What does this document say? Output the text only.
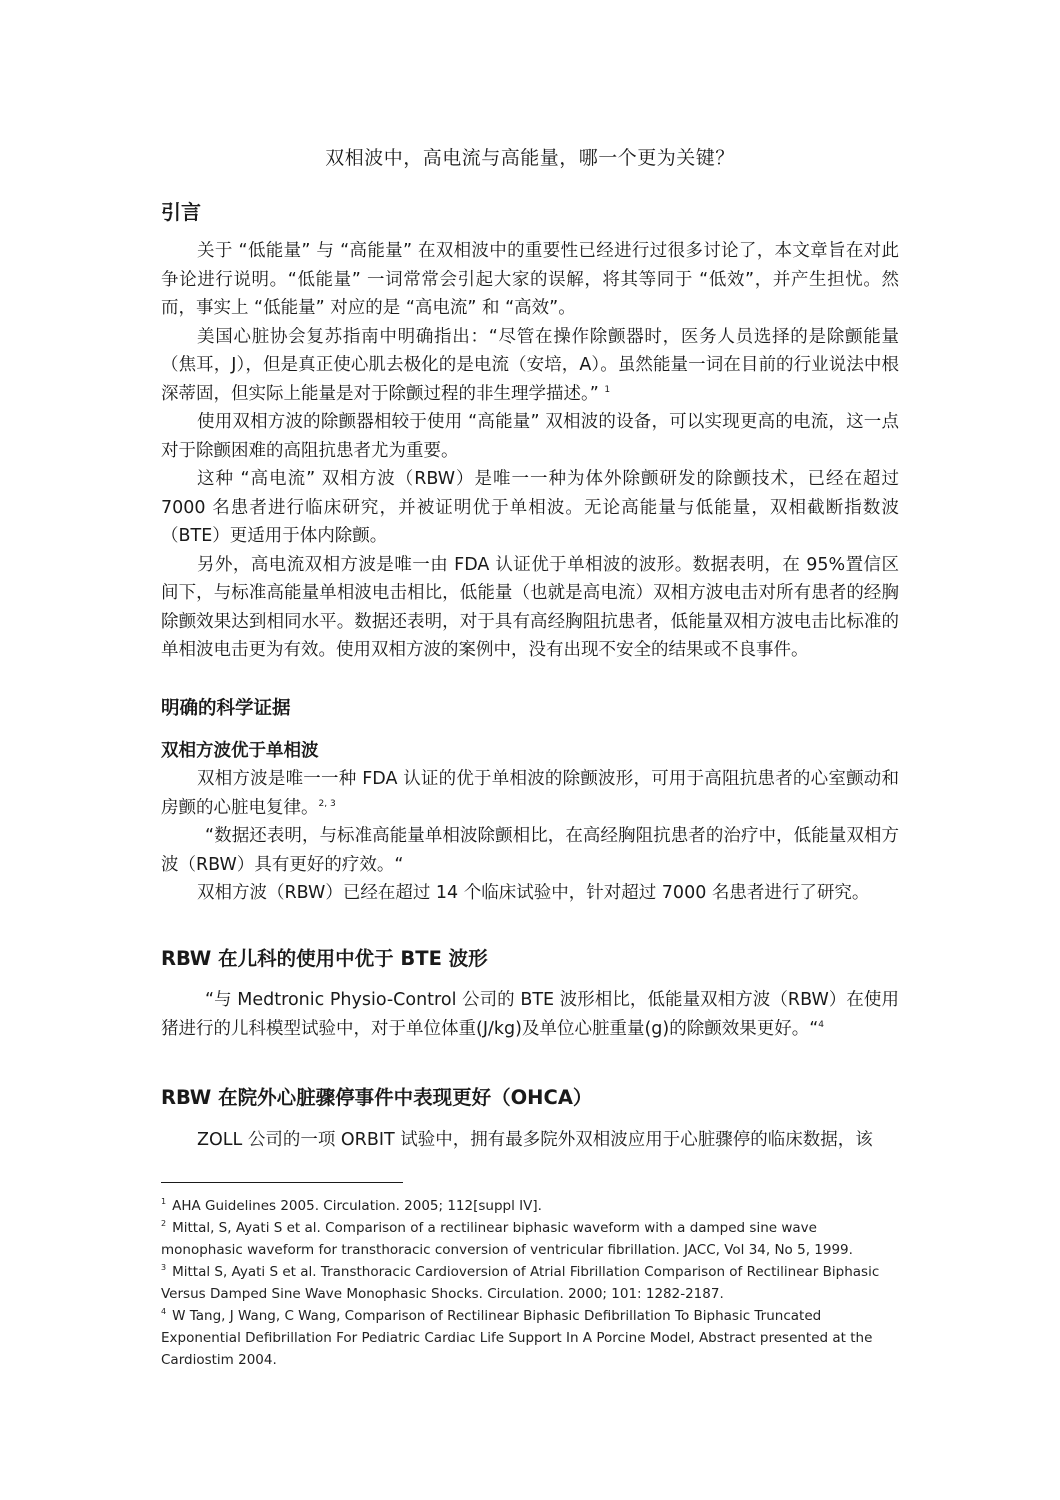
双相波中，高电流与高能量，哪一个更为关键？
引言

关于 “低能量” 与 “高能量” 在双相波中的重要性已经进行过很多讨论了，本文章旨在对此争论进行说明。“低能量” 一词常常会引起大家的误解，将其等同于 “低效”，并产生担忧。然而，事实上 “低能量” 对应的是 “高电流” 和 “高效”。

美国心脏协会复苏指南中明确指出：“尽管在操作除颤器时，医务人员选择的是除颤能量（焦耳，J），但是真正使心肌去极化的是电流（安培，A）。虽然能量一词在目前的行业说法中根深蒂固，但实际上能量是对于除颤过程的非生理学描述。” $^1$

使用双相方波的除颤器相较于使用 “高能量” 双相波的设备，可以实现更高的电流，这一点对于除颤困难的高阻抗患者尤为重要。

这种 “高电流” 双相方波（RBW）是唯一一种为体外除颤研发的除颤技术，已经在超过 7000 名患者进行临床研究，并被证明优于单相波。无论高能量与低能量，双相截断指数波（BTE）更适用于体内除颤。

另外，高电流双相方波是唯一由 FDA 认证优于单相波的波形。数据表明，在 95%置信区间下，与标准高能量单相波电击相比，低能量（也就是高电流）双相方波电击对所有患者的经胸除颤效果达到相同水平。数据还表明，对于具有高经胸阻抗患者，低能量双相方波电击比标准的单相波电击更为有效。使用双相方波的案例中，没有出现不安全的结果或不良事件。

明确的科学证据
双相方波优于单相波

双相方波是唯一一种 FDA 认证的优于单相波的除颤波形，可用于高阻抗患者的心室颤动和房颤的心脏电复律。$^{2, 3}$

“数据还表明，与标准高能量单相波除颤相比，在高经胸阻抗患者的治疗中，低能量双相方波（RBW）具有更好的疗效。“

双相方波（RBW）已经在超过 14 个临床试验中，针对超过 7000 名患者进行了研究。

RBW 在儿科的使用中优于 BTE 波形

“与 Medtronic Physio-Control 公司的 BTE 波形相比，低能量双相方波（RBW）在使用猪进行的儿科模型试验中，对于单位体重(J/kg)及单位心脏重量(g)的除颤效果更好。“$^4$

RBW 在院外心脏骤停事件中表现更好（OHCA）

ZOLL 公司的一项 ORBIT 试验中，拥有最多院外双相波应用于心脏骤停的临床数据，该

$^1$ AHA Guidelines 2005. Circulation. 2005; 112[suppl IV].

$^2$ Mittal, S, Ayati S et al. Comparison of a rectilinear biphasic waveform with a damped sine wave monophasic waveform for transthoracic conversion of ventricular fibrillation. JACC, Vol 34, No 5, 1999.

$^3$ Mittal S, Ayati S et al. Transthoracic Cardioversion of Atrial Fibrillation Comparison of Rectilinear Biphasic Versus Damped Sine Wave Monophasic Shocks. Circulation. 2000; 101: 1282-2187.

$^4$ W Tang, J Wang, C Wang, Comparison of Rectilinear Biphasic Defibrillation To Biphasic Truncated Exponential Defibrillation For Pediatric Cardiac Life Support In A Porcine Model, Abstract presented at the Cardiostim 2004.
